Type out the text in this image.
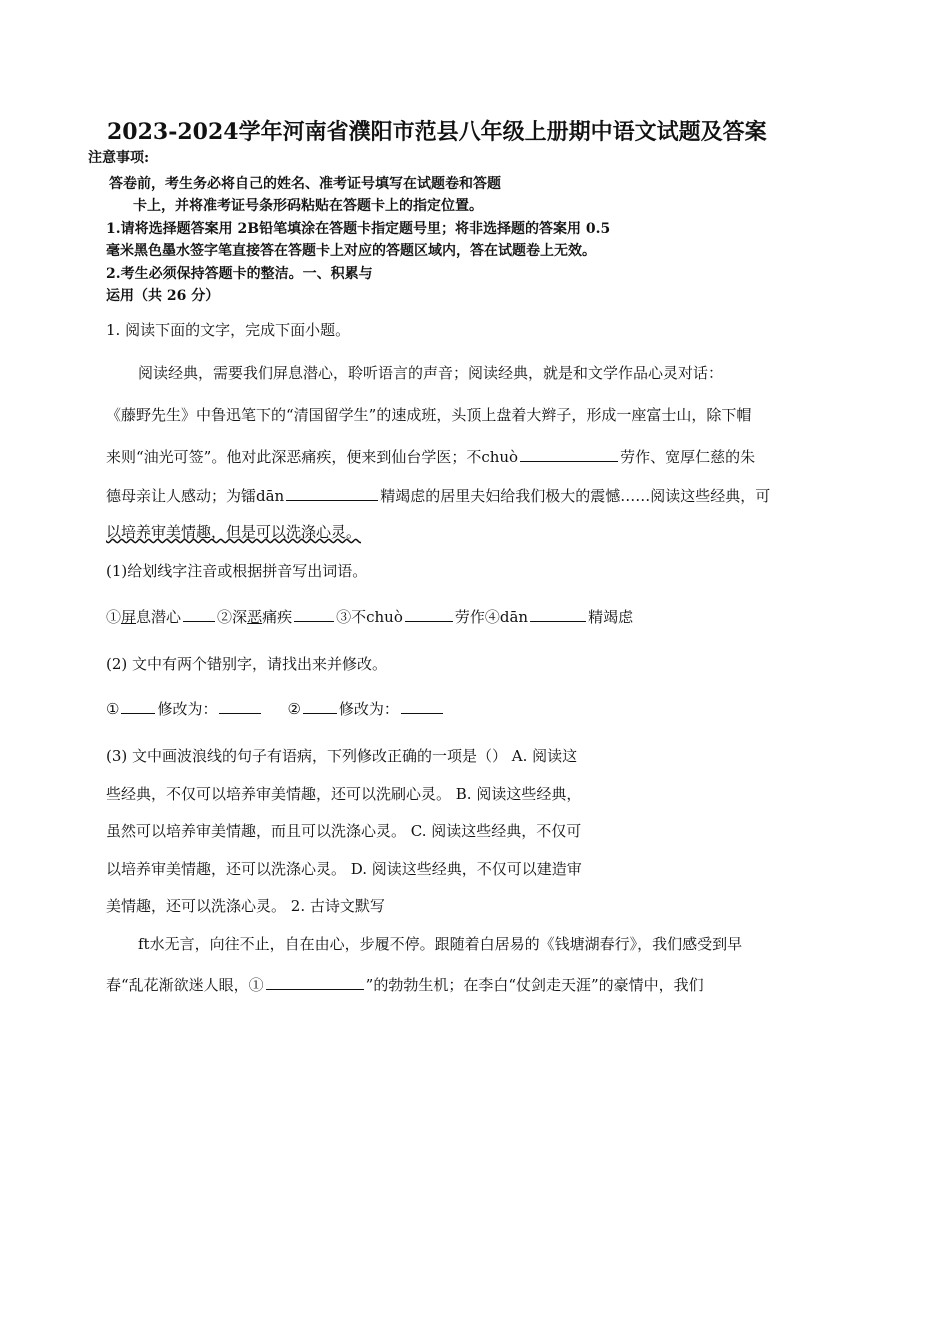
2023-2024学年河南省濮阳市范县八年级上册期中语文试题及答案
注意事项:
答卷前，考生务必将自己的姓名、准考证号填写在试题卷和答题
卡上，并将准考证号条形码粘贴在答题卡上的指定位置。
1.请将选择题答案用 2B铅笔填涂在答题卡指定题号里；将非选择题的答案用 0.5
毫米黑色墨水签字笔直接答在答题卡上对应的答题区域内，答在试题卷上无效。
2.考生必须保持答题卡的整洁。一、积累与
运用（共 26 分）
1. 阅读下面的文字，完成下面小题。
阅读经典，需要我们屏息潜心，聆听语言的声音；阅读经典，就是和文学作品心灵对话：
《藤野先生》中鲁迅笔下的“清国留学生”的速成班，头顶上盘着大辫子，形成一座富士山，除下帽
来则“油光可签”。他对此深恶痛疾，便来到仙台学医；不chuò	劳作、宽厚仁慈的朱
德母亲让人感动；为镭dān	精竭虑的居里夫妇给我们极大的震憾……阅读这些经典，可
以培养审美情趣，但是可以洗涤心灵。
(1)给划线字注音或根据拼音写出词语。
①屏息潜心 ②深恶痛疾	③不chuò	劳作④dān	精竭虑
(2) 文中有两个错别字，请找出来并修改。
①	修改为：	②	修改为：
(3) 文中画波浪线的句子有语病，下列修改正确的一项是（） A. 阅读这
些经典，不仅可以培养审美情趣，还可以洗刷心灵。 B. 阅读这些经典，
虽然可以培养审美情趣，而且可以洗涤心灵。 C. 阅读这些经典，不仅可
以培养审美情趣，还可以洗涤心灵。 D. 阅读这些经典，不仅可以建造审
美情趣，还可以洗涤心灵。 2. 古诗文默写
ft水无言，向往不止，自在由心，步履不停。跟随着白居易的《钱塘湖春行》，我们感受到早
春“乱花渐欲迷人眼，①	”的勃勃生机；在李白“仗剑走天涯”的豪情中，我们
